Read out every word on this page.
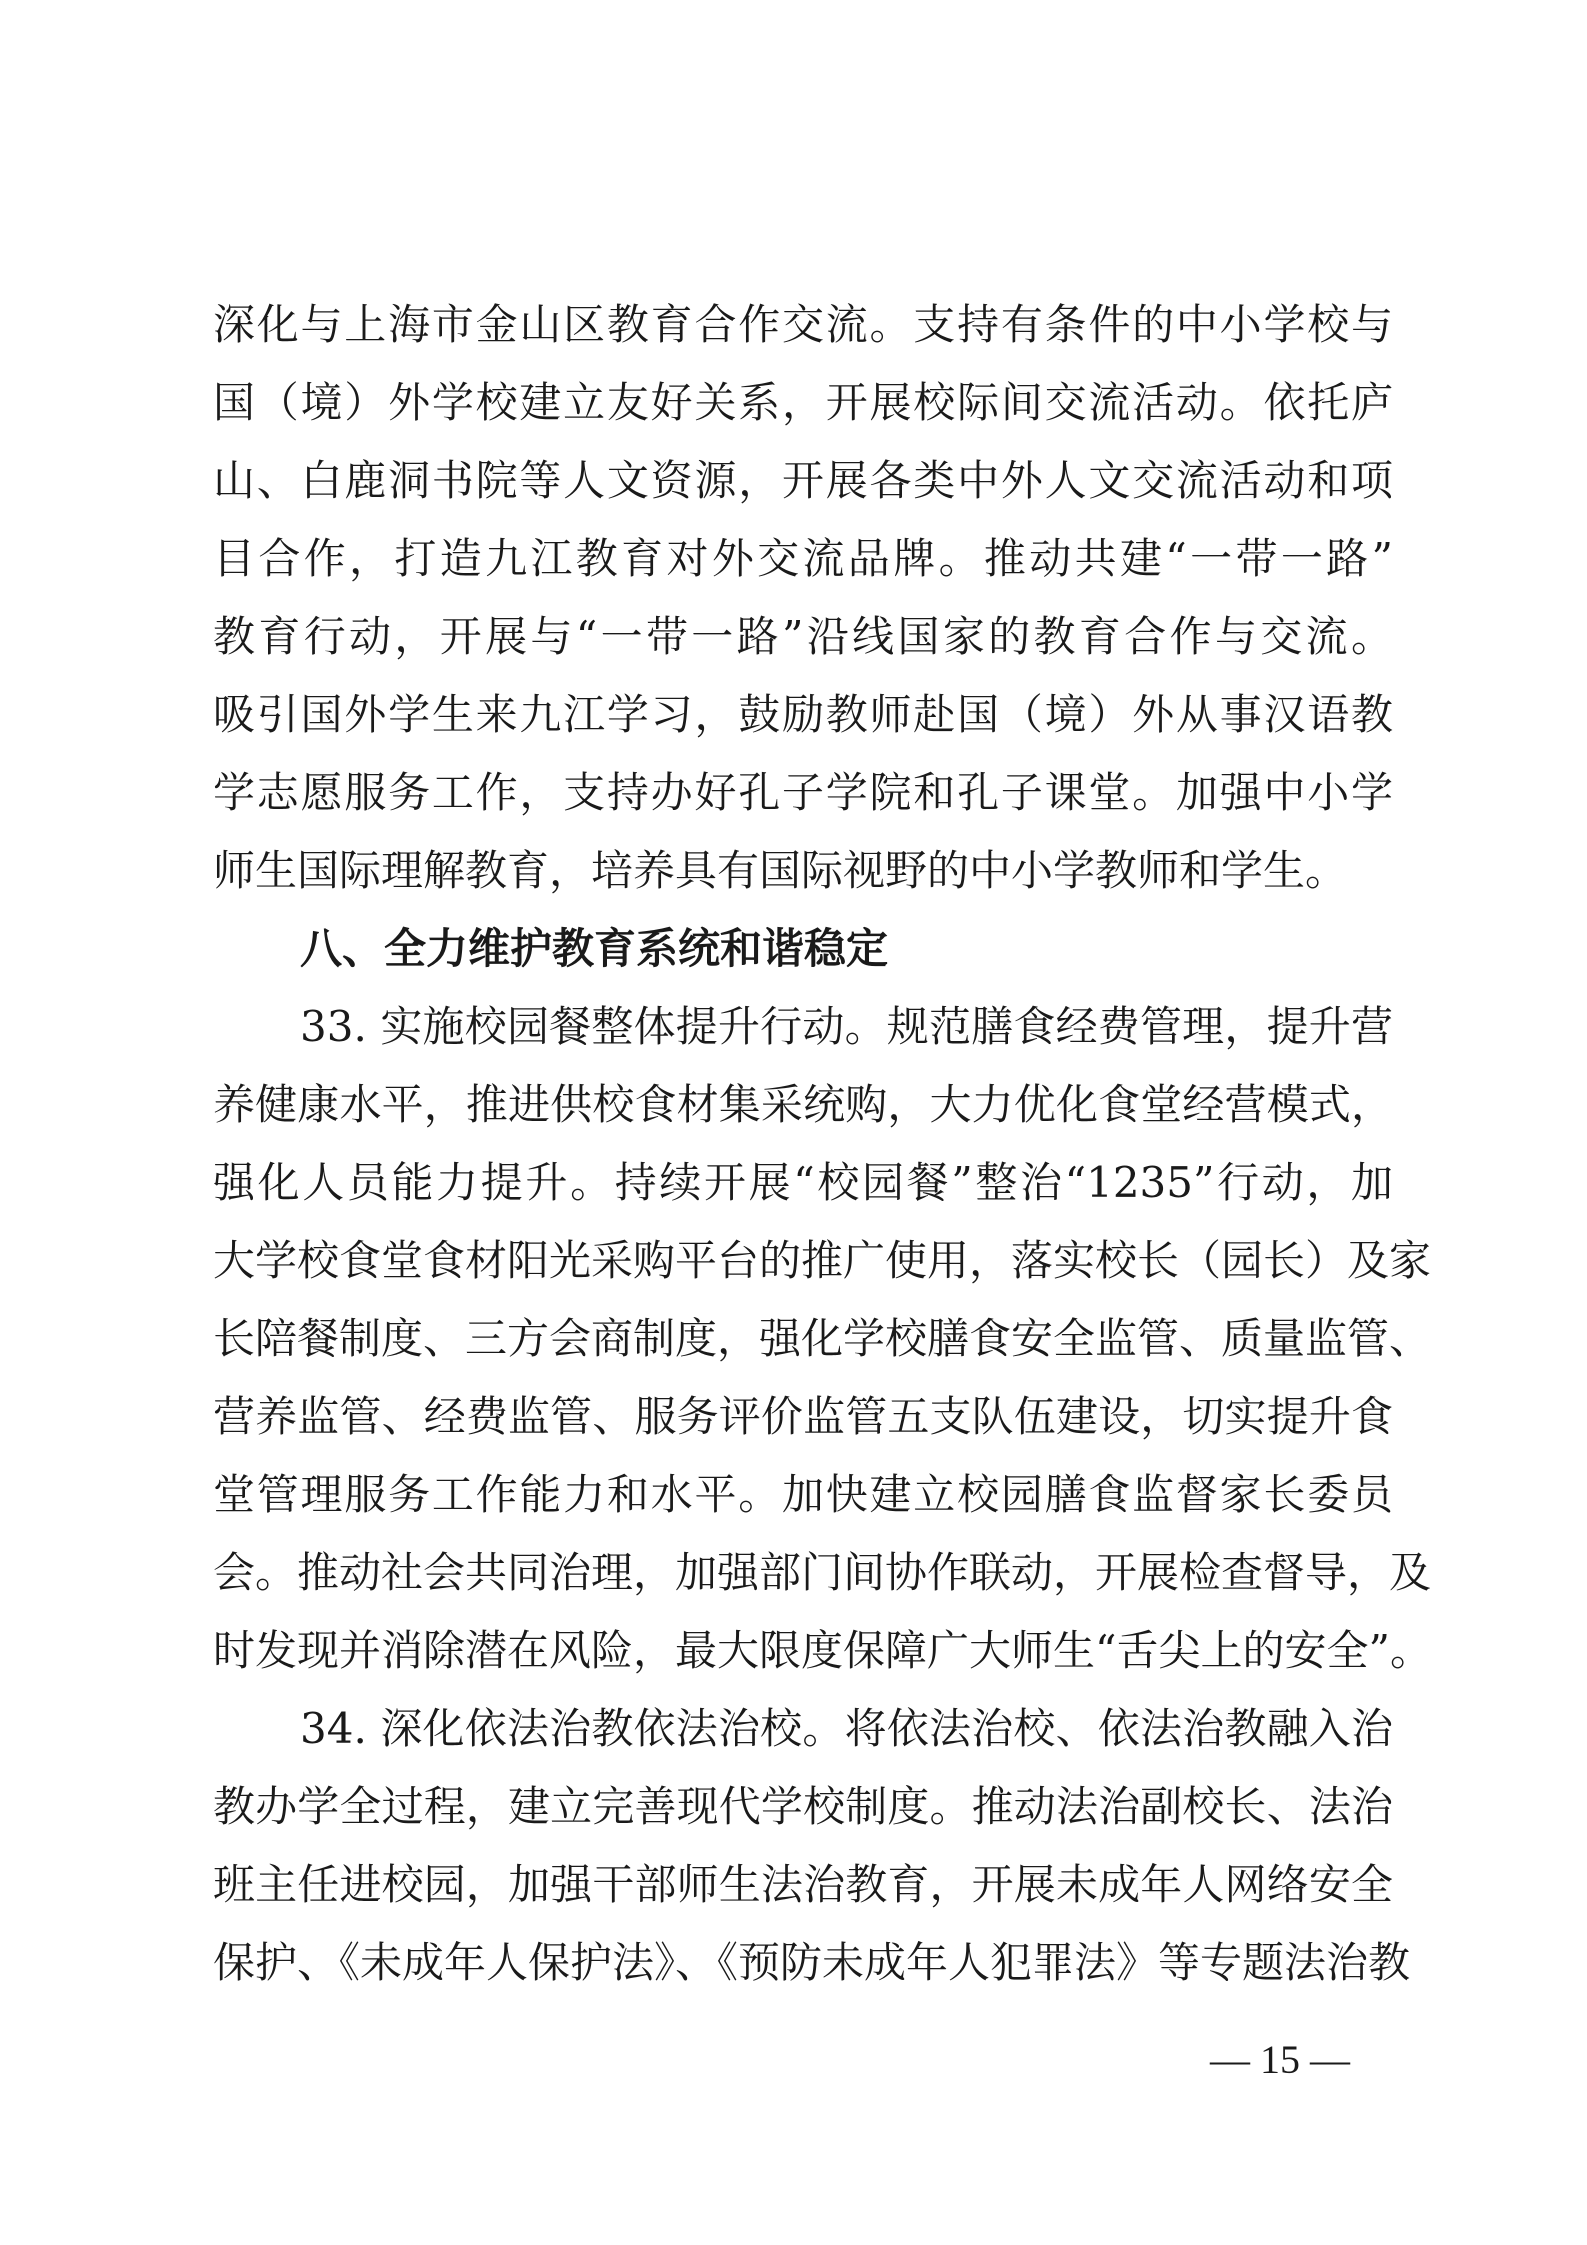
深化与上海市金山区教育合作交流。支持有条件的中小学校与
国（境）外学校建立友好关系，开展校际间交流活动。依托庐
山、白鹿洞书院等人文资源，开展各类中外人文交流活动和项
目合作，打造九江教育对外交流品牌。推动共建“一带一路”
教育行动，开展与“一带一路”沿线国家的教育合作与交流。
吸引国外学生来九江学习，鼓励教师赴国（境）外从事汉语教
学志愿服务工作，支持办好孔子学院和孔子课堂。加强中小学
师生国际理解教育，培养具有国际视野的中小学教师和学生。
八、全力维护教育系统和谐稳定
33. 实施校园餐整体提升行动。规范膳食经费管理，提升营
养健康水平，推进供校食材集采统购，大力优化食堂经营模式，
强化人员能力提升。持续开展“校园餐”整治“1235”行动，加
大学校食堂食材阳光采购平台的推广使用，落实校长（园长）及家
长陪餐制度、三方会商制度，强化学校膳食安全监管、质量监管、
营养监管、经费监管、服务评价监管五支队伍建设，切实提升食
堂管理服务工作能力和水平。加快建立校园膳食监督家长委员
会。推动社会共同治理，加强部门间协作联动，开展检查督导，及
时发现并消除潜在风险，最大限度保障广大师生“舌尖上的安全”。
34. 深化依法治教依法治校。将依法治校、依法治教融入治
教办学全过程，建立完善现代学校制度。推动法治副校长、法治
班主任进校园，加强干部师生法治教育，开展未成年人网络安全
保护、《未成年人保护法》、《预防未成年人犯罪法》等专题法治教
— 15 —
